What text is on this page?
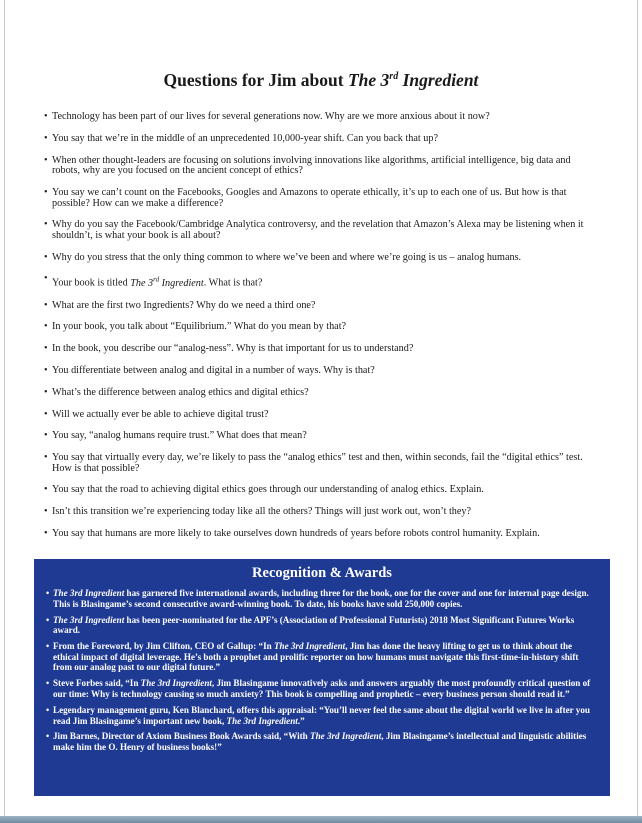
Questions for Jim about The 3rd Ingredient
• Technology has been part of our lives for several generations now. Why are we more anxious about it now?
• You say that we’re in the middle of an unprecedented 10,000-year shift. Can you back that up?
• When other thought-leaders are focusing on solutions involving innovations like algorithms, artificial intelligence, big data and robots, why are you focused on the ancient concept of ethics?
• You say we can’t count on the Facebooks, Googles and Amazons to operate ethically, it’s up to each one of us. But how is that possible? How can we make a difference?
• Why do you say the Facebook/Cambridge Analytica controversy, and the revelation that Amazon’s Alexa may be listening when it shouldn’t, is what your book is all about?
• Why do you stress that the only thing common to where we’ve been and where we’re going is us – analog humans.
• Your book is titled The 3rd Ingredient. What is that?
• What are the first two Ingredients? Why do we need a third one?
• In your book, you talk about “Equilibrium.” What do you mean by that?
• In the book, you describe our “analog-ness”. Why is that important for us to understand?
• You differentiate between analog and digital in a number of ways. Why is that?
• What’s the difference between analog ethics and digital ethics?
• Will we actually ever be able to achieve digital trust?
• You say, “analog humans require trust.” What does that mean?
• You say that virtually every day, we’re likely to pass the “analog ethics” test and then, within seconds, fail the “digital ethics” test. How is that possible?
• You say that the road to achieving digital ethics goes through our understanding of analog ethics. Explain.
• Isn’t this transition we’re experiencing today like all the others? Things will just work out, won’t they?
• You say that humans are more likely to take ourselves down hundreds of years before robots control humanity. Explain.
Recognition & Awards
• The 3rd Ingredient has garnered five international awards, including three for the book, one for the cover and one for internal page design. This is Blasingame’s second consecutive award-winning book. To date, his books have sold 250,000 copies.
• The 3rd Ingredient has been peer-nominated for the APF’s (Association of Professional Futurists) 2018 Most Significant Futures Works award.
• From the Foreword, by Jim Clifton, CEO of Gallup: “In The 3rd Ingredient, Jim has done the heavy lifting to get us to think about the ethical impact of digital leverage. He’s both a prophet and prolific reporter on how humans must navigate this first-time-in-history shift from our analog past to our digital future.”
• Steve Forbes said, “In The 3rd Ingredient, Jim Blasingame innovatively asks and answers arguably the most profoundly critical question of our time: Why is technology causing so much anxiety? This book is compelling and prophetic – every business person should read it.”
• Legendary management guru, Ken Blanchard, offers this appraisal: “You’ll never feel the same about the digital world we live in after you read Jim Blasingame’s important new book, The 3rd Ingredient.”
• Jim Barnes, Director of Axiom Business Book Awards said, “With The 3rd Ingredient, Jim Blasingame’s intellectual and linguistic abilities make him the O. Henry of business books!”
